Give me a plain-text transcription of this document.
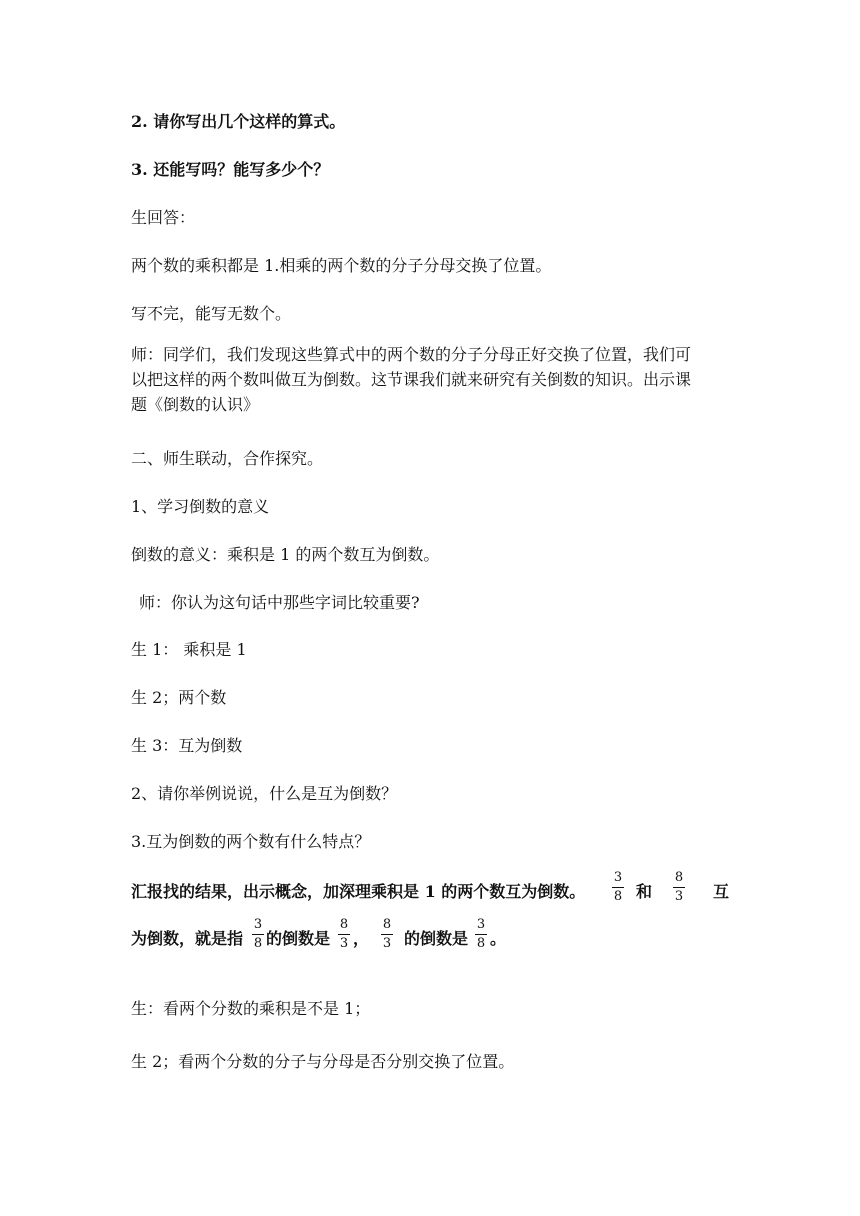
2. 请你写出几个这样的算式。
3. 还能写吗？能写多少个？
生回答：
两个数的乘积都是 1.相乘的两个数的分子分母交换了位置。
写不完，能写无数个。
师：同学们，我们发现这些算式中的两个数的分子分母正好交换了位置，我们可
以把这样的两个数叫做互为倒数。这节课我们就来研究有关倒数的知识。出示课
题《倒数的认识》
二、师生联动，合作探究。
1、学习倒数的意义
倒数的意义：乘积是 1 的两个数互为倒数。
师：你认为这句话中那些字词比较重要?
生 1： 乘积是 1
生 2；两个数
生 3：互为倒数
2、请你举例说说，什么是互为倒数？
3.互为倒数的两个数有什么特点？
汇报找的结果，出示概念，加深理乘积是 1 的两个数互为倒数。
3
8 和
8
3 互
为倒数，就是指
3
8 的倒数是
8
3 ，
8
3 的倒数是
3
8 。
生：看两个分数的乘积是不是 1；
生 2；看两个分数的分子与分母是否分别交换了位置。
